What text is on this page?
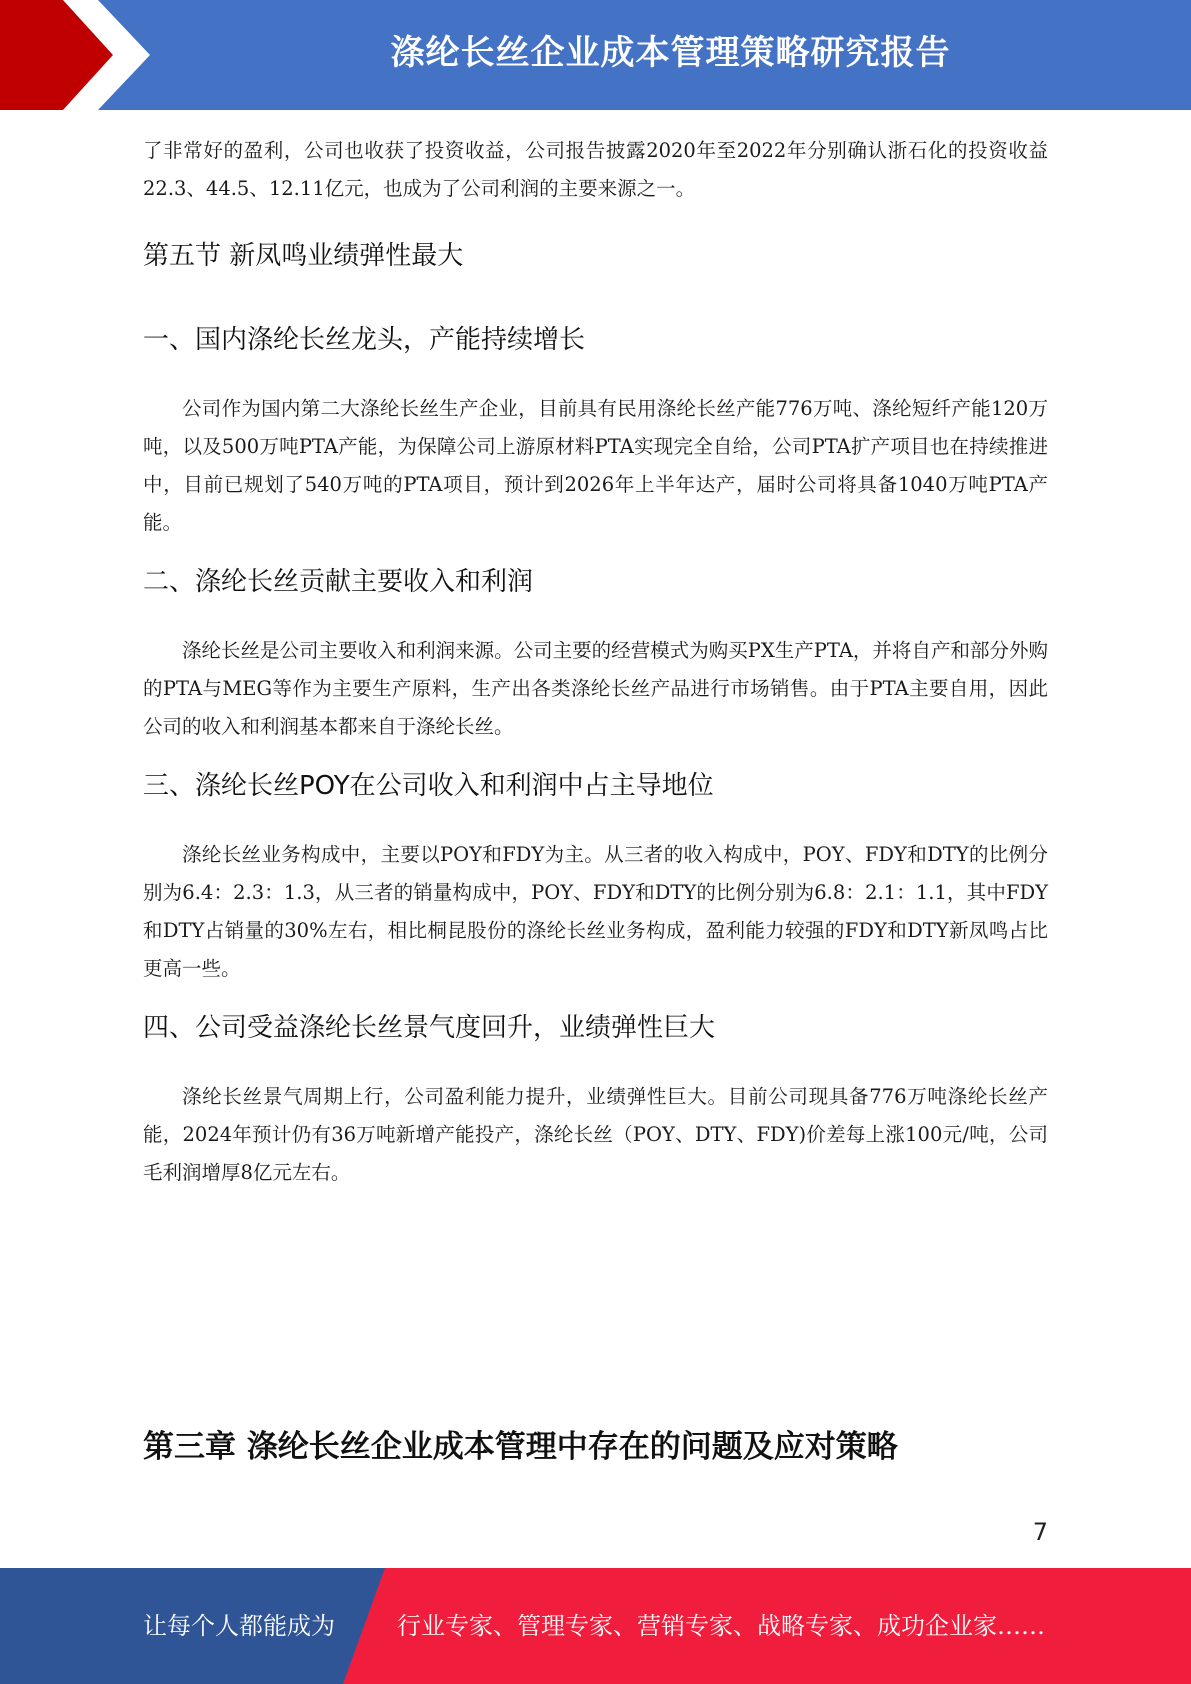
涤纶长丝企业成本管理策略研究报告

了非常好的盈利，公司也收获了投资收益，公司报告披露2020年至2022年分别确认浙石化的投资收益22.3、44.5、12.11亿元，也成为了公司利润的主要来源之一。

第五节 新凤鸣业绩弹性最大
一、国内涤纶长丝龙头，产能持续增长

公司作为国内第二大涤纶长丝生产企业，目前具有民用涤纶长丝产能776万吨、涤纶短纤产能120万吨，以及500万吨PTA产能，为保障公司上游原材料PTA实现完全自给，公司PTA扩产项目也在持续推进中，目前已规划了540万吨的PTA项目，预计到2026年上半年达产，届时公司将具备1040万吨PTA产能。

二、涤纶长丝贡献主要收入和利润

涤纶长丝是公司主要收入和利润来源。公司主要的经营模式为购买PX生产PTA，并将自产和部分外购的PTA与MEG等作为主要生产原料，生产出各类涤纶长丝产品进行市场销售。由于PTA主要自用，因此公司的收入和利润基本都来自于涤纶长丝。

三、涤纶长丝POY在公司收入和利润中占主导地位

涤纶长丝业务构成中，主要以POY和FDY为主。从三者的收入构成中，POY、FDY和DTY的比例分别为6.4：2.3：1.3，从三者的销量构成中，POY、FDY和DTY的比例分别为6.8：2.1：1.1，其中FDY和DTY占销量的30%左右，相比桐昆股份的涤纶长丝业务构成，盈利能力较强的FDY和DTY新凤鸣占比更高一些。

四、公司受益涤纶长丝景气度回升，业绩弹性巨大

涤纶长丝景气周期上行，公司盈利能力提升，业绩弹性巨大。目前公司现具备776万吨涤纶长丝产能，2024年预计仍有36万吨新增产能投产，涤纶长丝（POY、DTY、FDY)价差每上涨100元/吨，公司毛利润增厚8亿元左右。

第三章 涤纶长丝企业成本管理中存在的问题及应对策略
7
让每个人都能成为	行业专家、管理专家、营销专家、战略专家、成功企业家……
